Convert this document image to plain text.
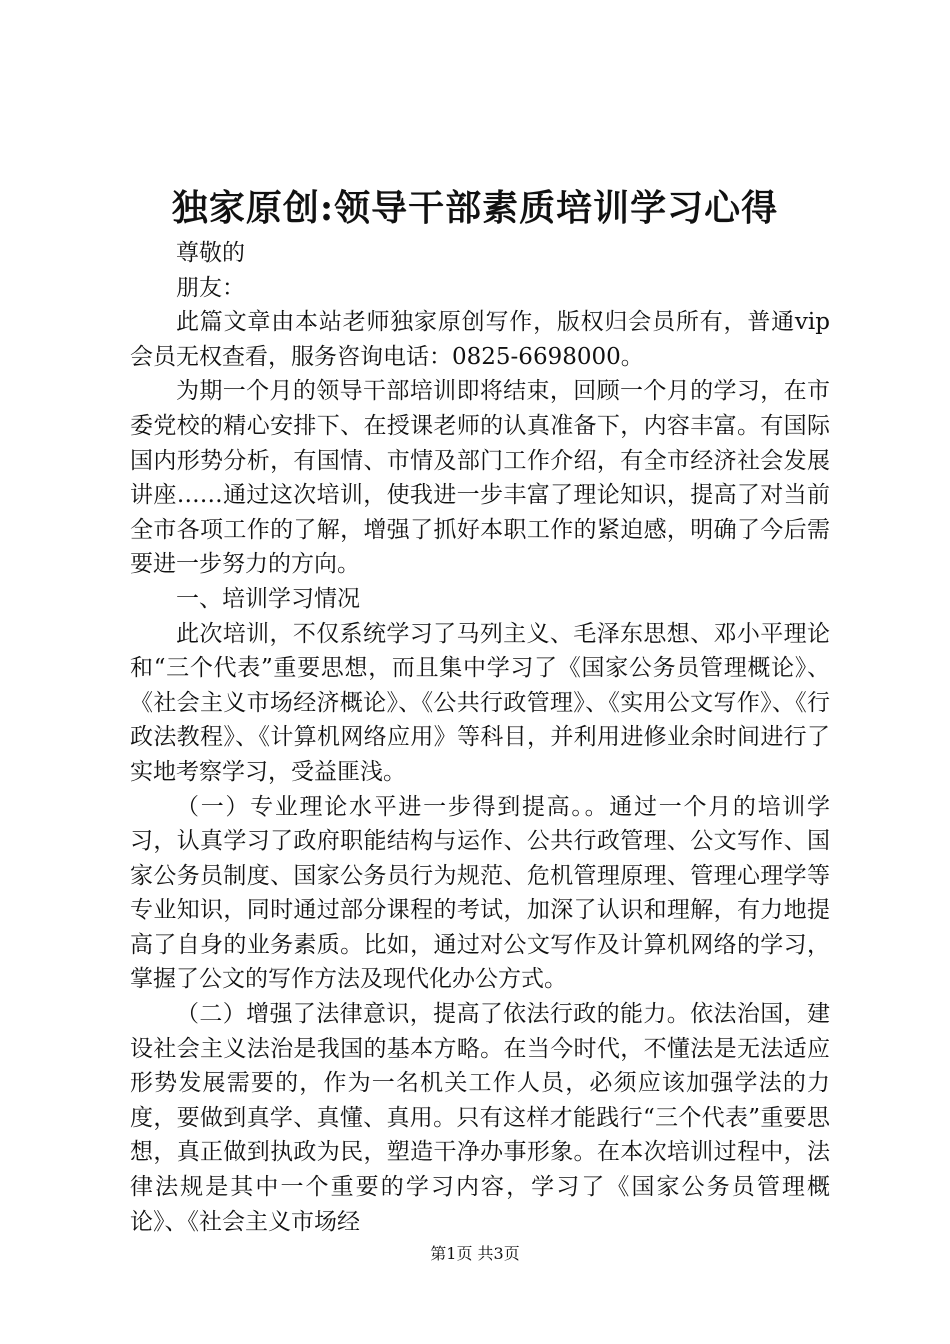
独家原创:领导干部素质培训学习心得

尊敬的

朋友：

此篇文章由本站老师独家原创写作，版权归会员所有，普通vip会员无权查看，服务咨询电话：0825-6698000。

为期一个月的领导干部培训即将结束，回顾一个月的学习，在市委党校的精心安排下、在授课老师的认真准备下，内容丰富。有国际国内形势分析，有国情、市情及部门工作介绍，有全市经济社会发展讲座……通过这次培训，使我进一步丰富了理论知识，提高了对当前全市各项工作的了解，增强了抓好本职工作的紧迫感，明确了今后需要进一步努力的方向。

一、培训学习情况

此次培训，不仅系统学习了马列主义、毛泽东思想、邓小平理论和“三个代表”重要思想，而且集中学习了《国家公务员管理概论》、《社会主义市场经济概论》、《公共行政管理》、《实用公文写作》、《行政法教程》、《计算机网络应用》等科目，并利用进修业余时间进行了实地考察学习，受益匪浅。

（一）专业理论水平进一步得到提高。。通过一个月的培训学习，认真学习了政府职能结构与运作、公共行政管理、公文写作、国家公务员制度、国家公务员行为规范、危机管理原理、管理心理学等专业知识，同时通过部分课程的考试，加深了认识和理解，有力地提高了自身的业务素质。比如，通过对公文写作及计算机网络的学习，掌握了公文的写作方法及现代化办公方式。

（二）增强了法律意识，提高了依法行政的能力。依法治国，建设社会主义法治是我国的基本方略。在当今时代，不懂法是无法适应形势发展需要的，作为一名机关工作人员，必须应该加强学法的力度，要做到真学、真懂、真用。只有这样才能践行“三个代表”重要思想，真正做到执政为民，塑造干净办事形象。在本次培训过程中，法律法规是其中一个重要的学习内容，学习了《国家公务员管理概论》、《社会主义市场经

第1页 共3页
